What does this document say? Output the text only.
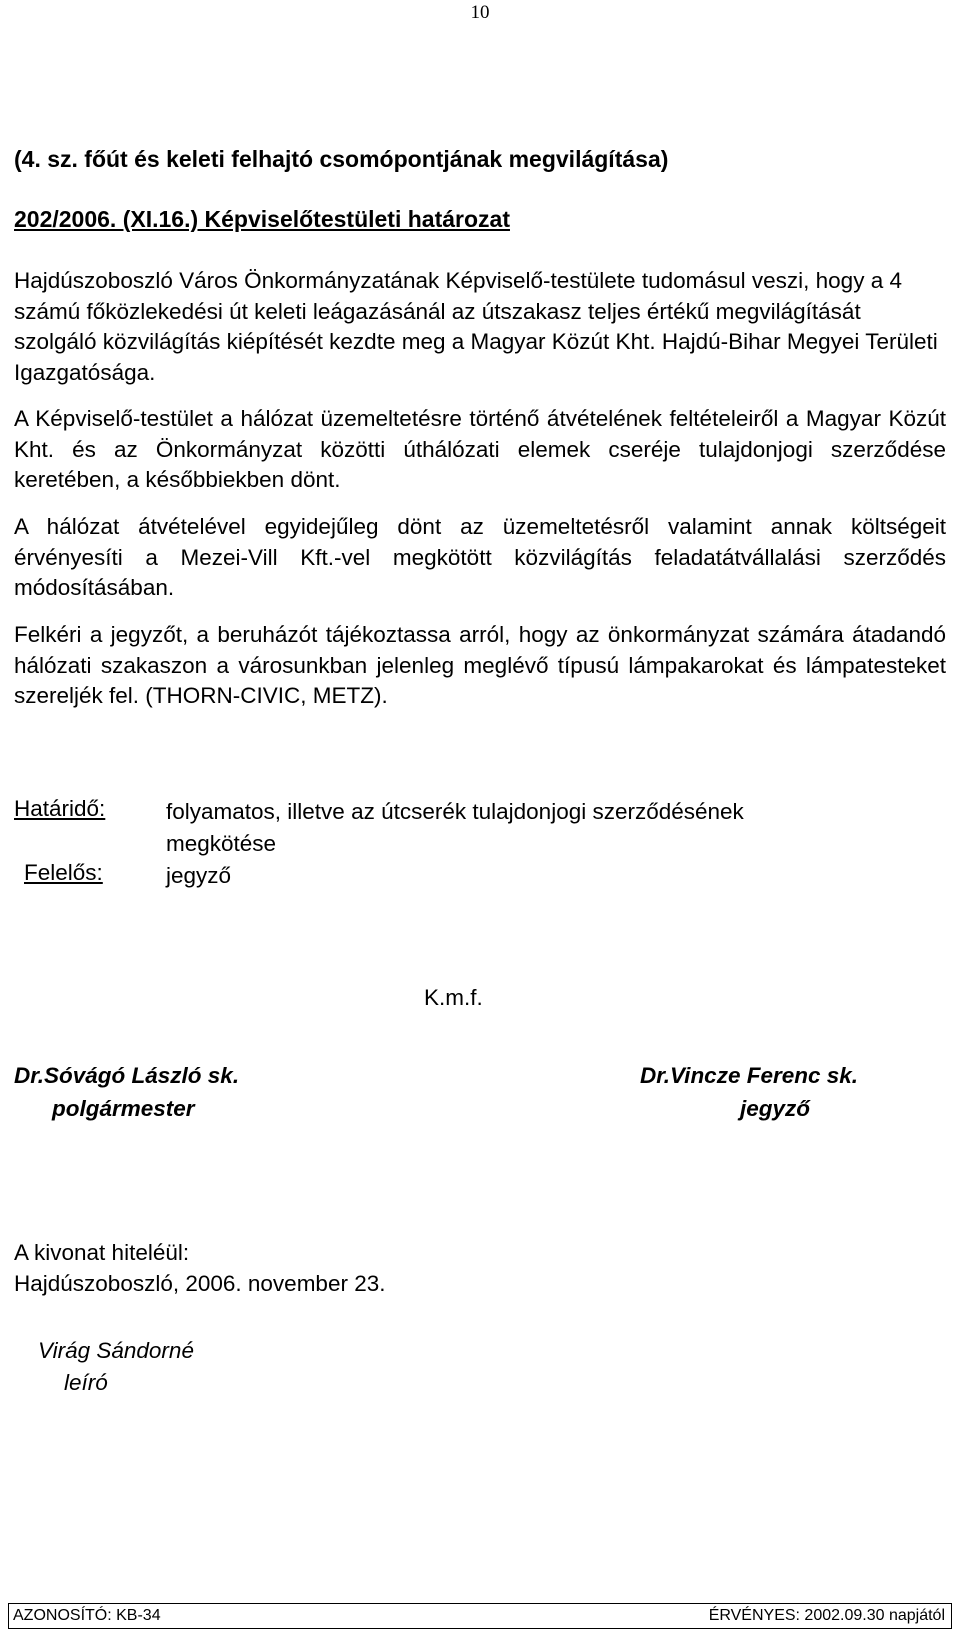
10
(4. sz. főút és keleti felhajtó csomópontjának megvilágítása)
202/2006. (XI.16.) Képviselőtestületi határozat

Hajdúszoboszló Város Önkormányzatának Képviselő-testülete tudomásul veszi, hogy a 4 számú főközlekedési út keleti leágazásánál az útszakasz teljes értékű megvilágítását szolgáló közvilágítás kiépítését kezdte meg a Magyar Közút Kht. Hajdú-Bihar Megyei Területi Igazgatósága.

A Képviselő-testület a hálózat üzemeltetésre történő átvételének feltételeiről a Magyar Közút Kht. és az Önkormányzat közötti úthálózati elemek cseréje tulajdonjogi szerződése keretében, a későbbiekben dönt.

A hálózat átvételével egyidejűleg dönt az üzemeltetésről valamint annak költségeit érvényesíti a Mezei-Vill Kft.-vel megkötött közvilágítás feladatátvállalási szerződés módosításában.

Felkéri a jegyzőt, a beruházót tájékoztassa arról, hogy az önkormányzat számára átadandó hálózati szakaszon a városunkban jelenleg meglévő típusú lámpakarokat és lámpatesteket szereljék fel. (THORN-CIVIC, METZ).

Határidő:	folyamatos, illetve az útcserék tulajdonjogi szerződésének megkötése
Felelős:	jegyző
K.m.f.
Dr.Sóvágó László sk.
polgármester
Dr.Vincze Ferenc sk.
jegyző
A kivonat hiteléül:
Hajdúszoboszló, 2006. november 23.
Virág Sándorné
leíró
AZONOSÍTÓ: KB-34	ÉRVÉNYES: 2002.09.30 napjától
